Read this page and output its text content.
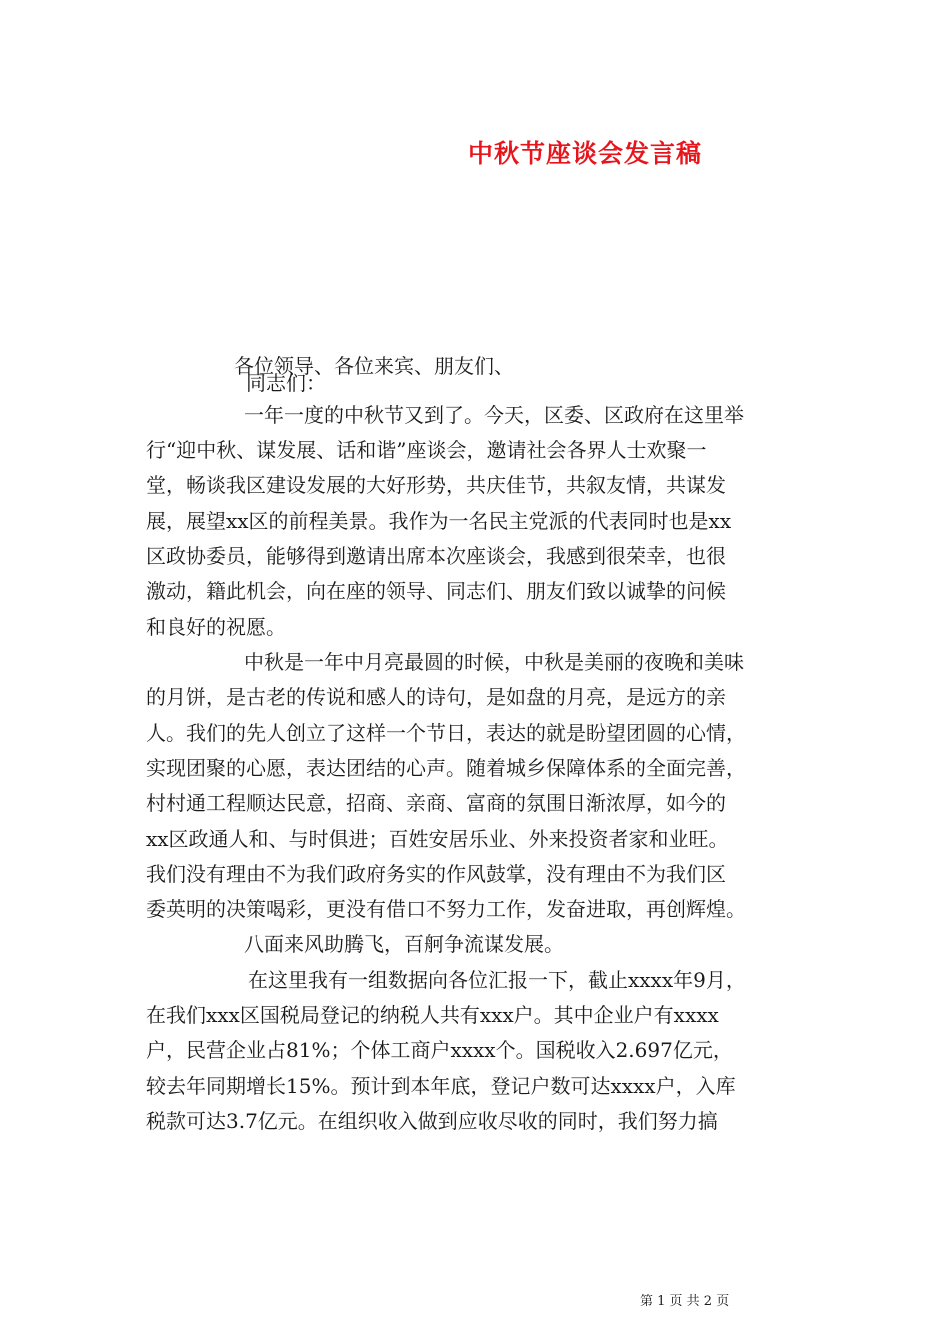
中秋节座谈会发言稿

各位领导、各位来宾、朋友们、

同志们：

一年一度的中秋节又到了。今天，区委、区政府在这里举

行“迎中秋、谋发展、话和谐”座谈会，邀请社会各界人士欢聚一

堂，畅谈我区建设发展的大好形势，共庆佳节，共叙友情，共谋发

展，展望xx区的前程美景。我作为一名民主党派的代表同时也是xx

区政协委员，能够得到邀请出席本次座谈会，我感到很荣幸，也很

激动，籍此机会，向在座的领导、同志们、朋友们致以诚挚的问候

和良好的祝愿。

中秋是一年中月亮最圆的时候，中秋是美丽的夜晚和美味

的月饼，是古老的传说和感人的诗句，是如盘的月亮，是远方的亲

人。我们的先人创立了这样一个节日，表达的就是盼望团圆的心情，

实现团聚的心愿，表达团结的心声。随着城乡保障体系的全面完善，

村村通工程顺达民意，招商、亲商、富商的氛围日渐浓厚，如今的

xx区政通人和、与时俱进；百姓安居乐业、外来投资者家和业旺。

我们没有理由不为我们政府务实的作风鼓掌，没有理由不为我们区

委英明的决策喝彩，更没有借口不努力工作，发奋进取，再创辉煌。

八面来风助腾飞，百舸争流谋发展。

在这里我有一组数据向各位汇报一下，截止xxxx年9月，

在我们xxx区国税局登记的纳税人共有xxx户。其中企业户有xxxx

户，民营企业占81%；个体工商户xxxx个。国税收入2.697亿元，

较去年同期增长15%。预计到本年底，登记户数可达xxxx户，入库

税款可达3.7亿元。在组织收入做到应收尽收的同时，我们努力搞

第 1 页 共 2 页
